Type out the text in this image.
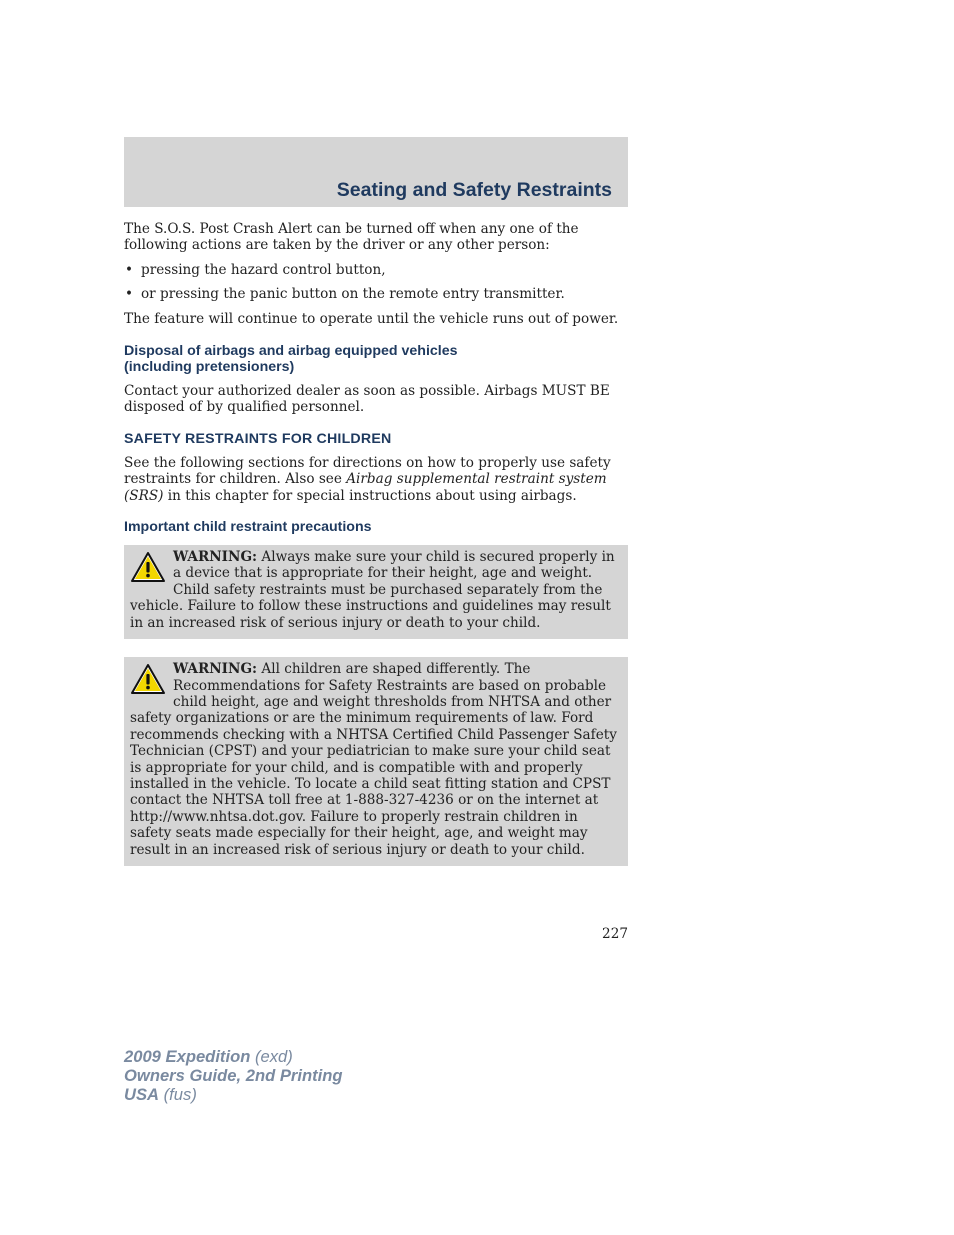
Seating and Safety Restraints

The S.O.S. Post Crash Alert can be turned off when any one of the following actions are taken by the driver or any other person:

• pressing the hazard control button,
• or pressing the panic button on the remote entry transmitter.

The feature will continue to operate until the vehicle runs out of power.

Disposal of airbags and airbag equipped vehicles
(including pretensioners)

Contact your authorized dealer as soon as possible. Airbags MUST BE disposed of by qualified personnel.

SAFETY RESTRAINTS FOR CHILDREN

See the following sections for directions on how to properly use safety restraints for children. Also see Airbag supplemental restraint system (SRS) in this chapter for special instructions about using airbags.

Important child restraint precautions
WARNING: Always make sure your child is secured properly in a device that is appropriate for their height, age and weight. Child safety restraints must be purchased separately from the vehicle. Failure to follow these instructions and guidelines may result in an increased risk of serious injury or death to your child.
WARNING: All children are shaped differently. The Recommendations for Safety Restraints are based on probable child height, age and weight thresholds from NHTSA and other safety organizations or are the minimum requirements of law. Ford recommends checking with a NHTSA Certified Child Passenger Safety Technician (CPST) and your pediatrician to make sure your child seat is appropriate for your child, and is compatible with and properly installed in the vehicle. To locate a child seat fitting station and CPST contact the NHTSA toll free at 1-888-327-4236 or on the internet at http://www.nhtsa.dot.gov. Failure to properly restrain children in safety seats made especially for their height, age, and weight may result in an increased risk of serious injury or death to your child.
227
2009 Expedition (exd)
Owners Guide, 2nd Printing
USA (fus)
